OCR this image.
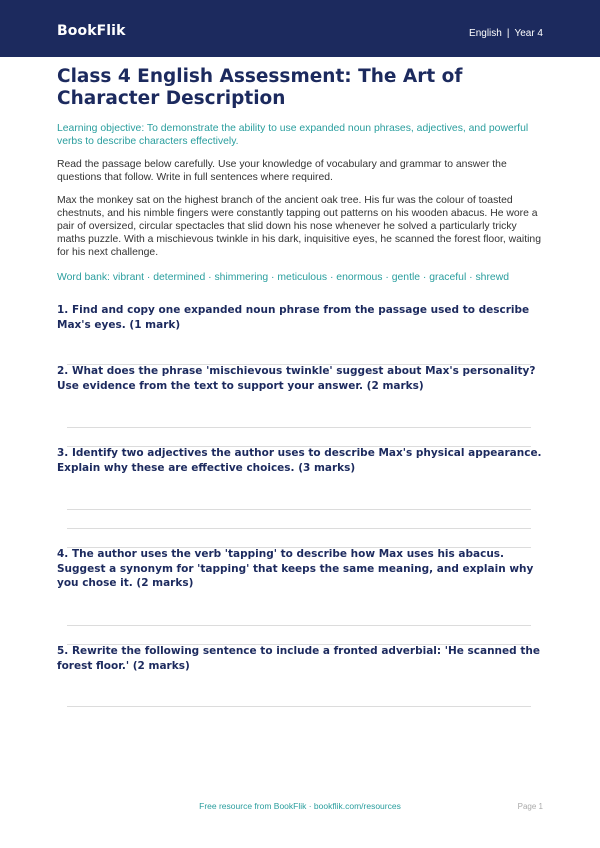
BookFlik	English | Year 4
Class 4 English Assessment: The Art of Character Description
Learning objective: To demonstrate the ability to use expanded noun phrases, adjectives, and powerful verbs to describe characters effectively.
Read the passage below carefully. Use your knowledge of vocabulary and grammar to answer the questions that follow. Write in full sentences where required.
Max the monkey sat on the highest branch of the ancient oak tree. His fur was the colour of toasted chestnuts, and his nimble fingers were constantly tapping out patterns on his wooden abacus. He wore a pair of oversized, circular spectacles that slid down his nose whenever he solved a particularly tricky maths puzzle. With a mischievous twinkle in his dark, inquisitive eyes, he scanned the forest floor, waiting for his next challenge.
Word bank: vibrant · determined · shimmering · meticulous · enormous · gentle · graceful · shrewd
1. Find and copy one expanded noun phrase from the passage used to describe Max's eyes. (1 mark)
2. What does the phrase 'mischievous twinkle' suggest about Max's personality? Use evidence from the text to support your answer. (2 marks)
3. Identify two adjectives the author uses to describe Max's physical appearance. Explain why these are effective choices. (3 marks)
4. The author uses the verb 'tapping' to describe how Max uses his abacus. Suggest a synonym for 'tapping' that keeps the same meaning, and explain why you chose it. (2 marks)
5. Rewrite the following sentence to include a fronted adverbial: 'He scanned the forest floor.' (2 marks)
Free resource from BookFlik · bookflik.com/resources	Page 1
